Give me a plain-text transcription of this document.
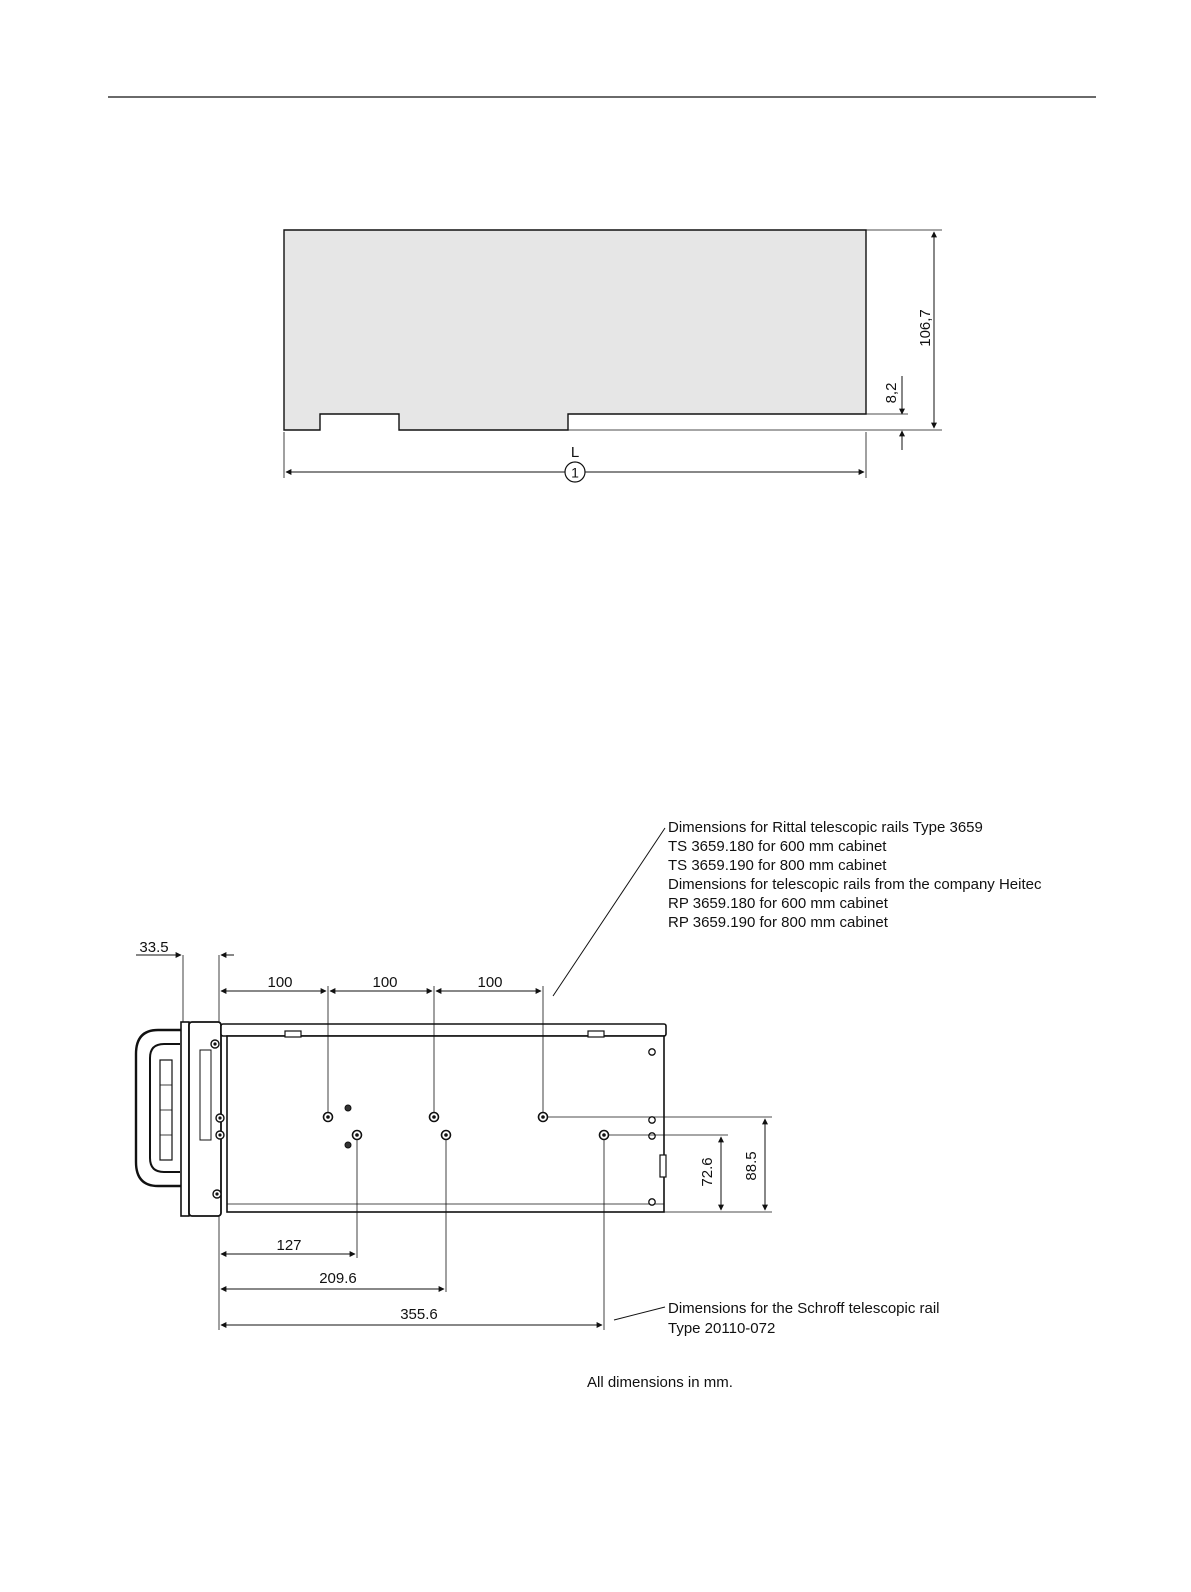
106,7
8,2
L
1
33.5
100	100	100
72.6 88.5
127
209.6
355.6
Dimensions for Rittal telescopic rails Type 3659
TS 3659.180 for 600 mm cabinet
TS 3659.190 for 800 mm cabinet
Dimensions for telescopic rails from the company Heitec
RP 3659.180 for 600 mm cabinet
RP 3659.190 for 800 mm cabinet
Dimensions for the Schroff telescopic rail
Type 20110-072
All dimensions in mm.
